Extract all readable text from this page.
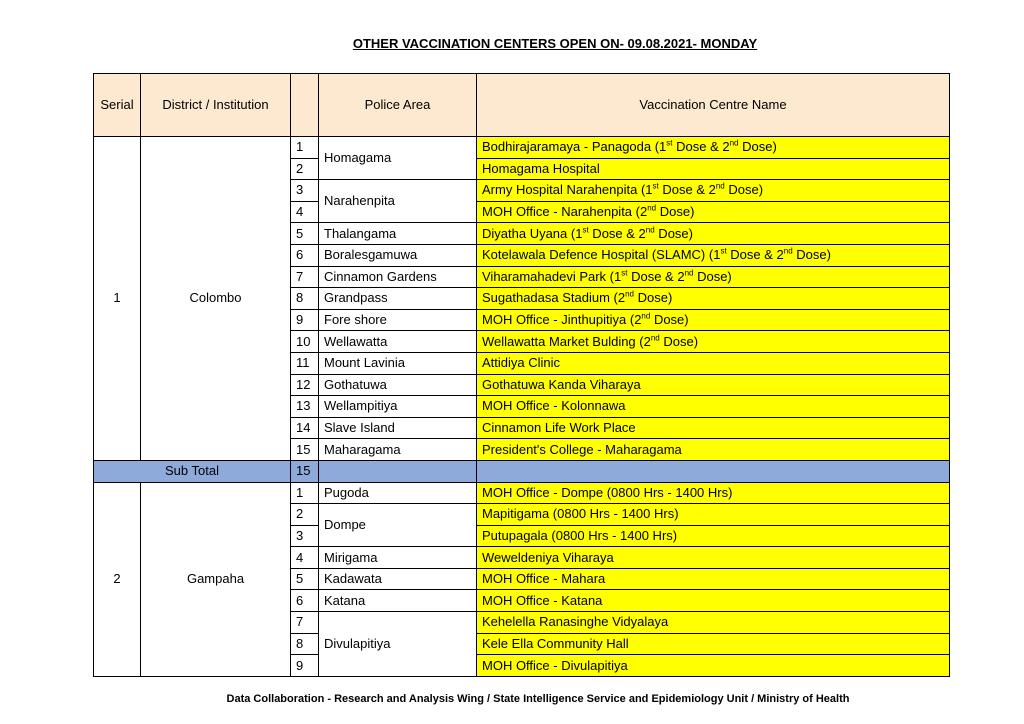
OTHER VACCINATION CENTERS OPEN ON- 09.08.2021- MONDAY
Serial	District / Institution		Police Area	Vaccination Centre Name
1	Colombo	1	Homagama	Bodhirajaramaya - Panagoda (1st Dose & 2nd Dose)
		2		Homagama Hospital
		3	Narahenpita	Army Hospital Narahenpita (1st Dose & 2nd Dose)
		4		MOH Office - Narahenpita (2nd Dose)
		5	Thalangama	Diyatha Uyana (1st Dose & 2nd Dose)
		6	Boralesgamuwa	Kotelawala Defence Hospital (SLAMC) (1st Dose & 2nd Dose)
		7	Cinnamon Gardens	Viharamahadevi Park (1st Dose & 2nd Dose)
		8	Grandpass	Sugathadasa Stadium (2nd Dose)
		9	Fore shore	MOH Office - Jinthupitiya (2nd Dose)
		10	Wellawatta	Wellawatta Market Bulding (2nd Dose)
		11	Mount Lavinia	Attidiya Clinic
		12	Gothatuwa	Gothatuwa Kanda Viharaya
		13	Wellampitiya	MOH Office - Kolonnawa
		14	Slave Island	Cinnamon Life Work Place
		15	Maharagama	President's College - Maharagama
Sub Total		15		
2	Gampaha	1	Pugoda	MOH Office - Dompe (0800 Hrs - 1400 Hrs)
		2	Dompe	Mapitigama (0800 Hrs - 1400 Hrs)
		3		Putupagala (0800 Hrs - 1400 Hrs)
		4	Mirigama	Weweldeniya Viharaya
		5	Kadawata	MOH Office - Mahara
		6	Katana	MOH Office - Katana
		7	Divulapitiya	Kehelella Ranasinghe Vidyalaya
		8		Kele Ella Community Hall
		9		MOH Office - Divulapitiya
Data Collaboration - Research and Analysis Wing / State Intelligence Service and Epidemiology Unit / Ministry of Health
